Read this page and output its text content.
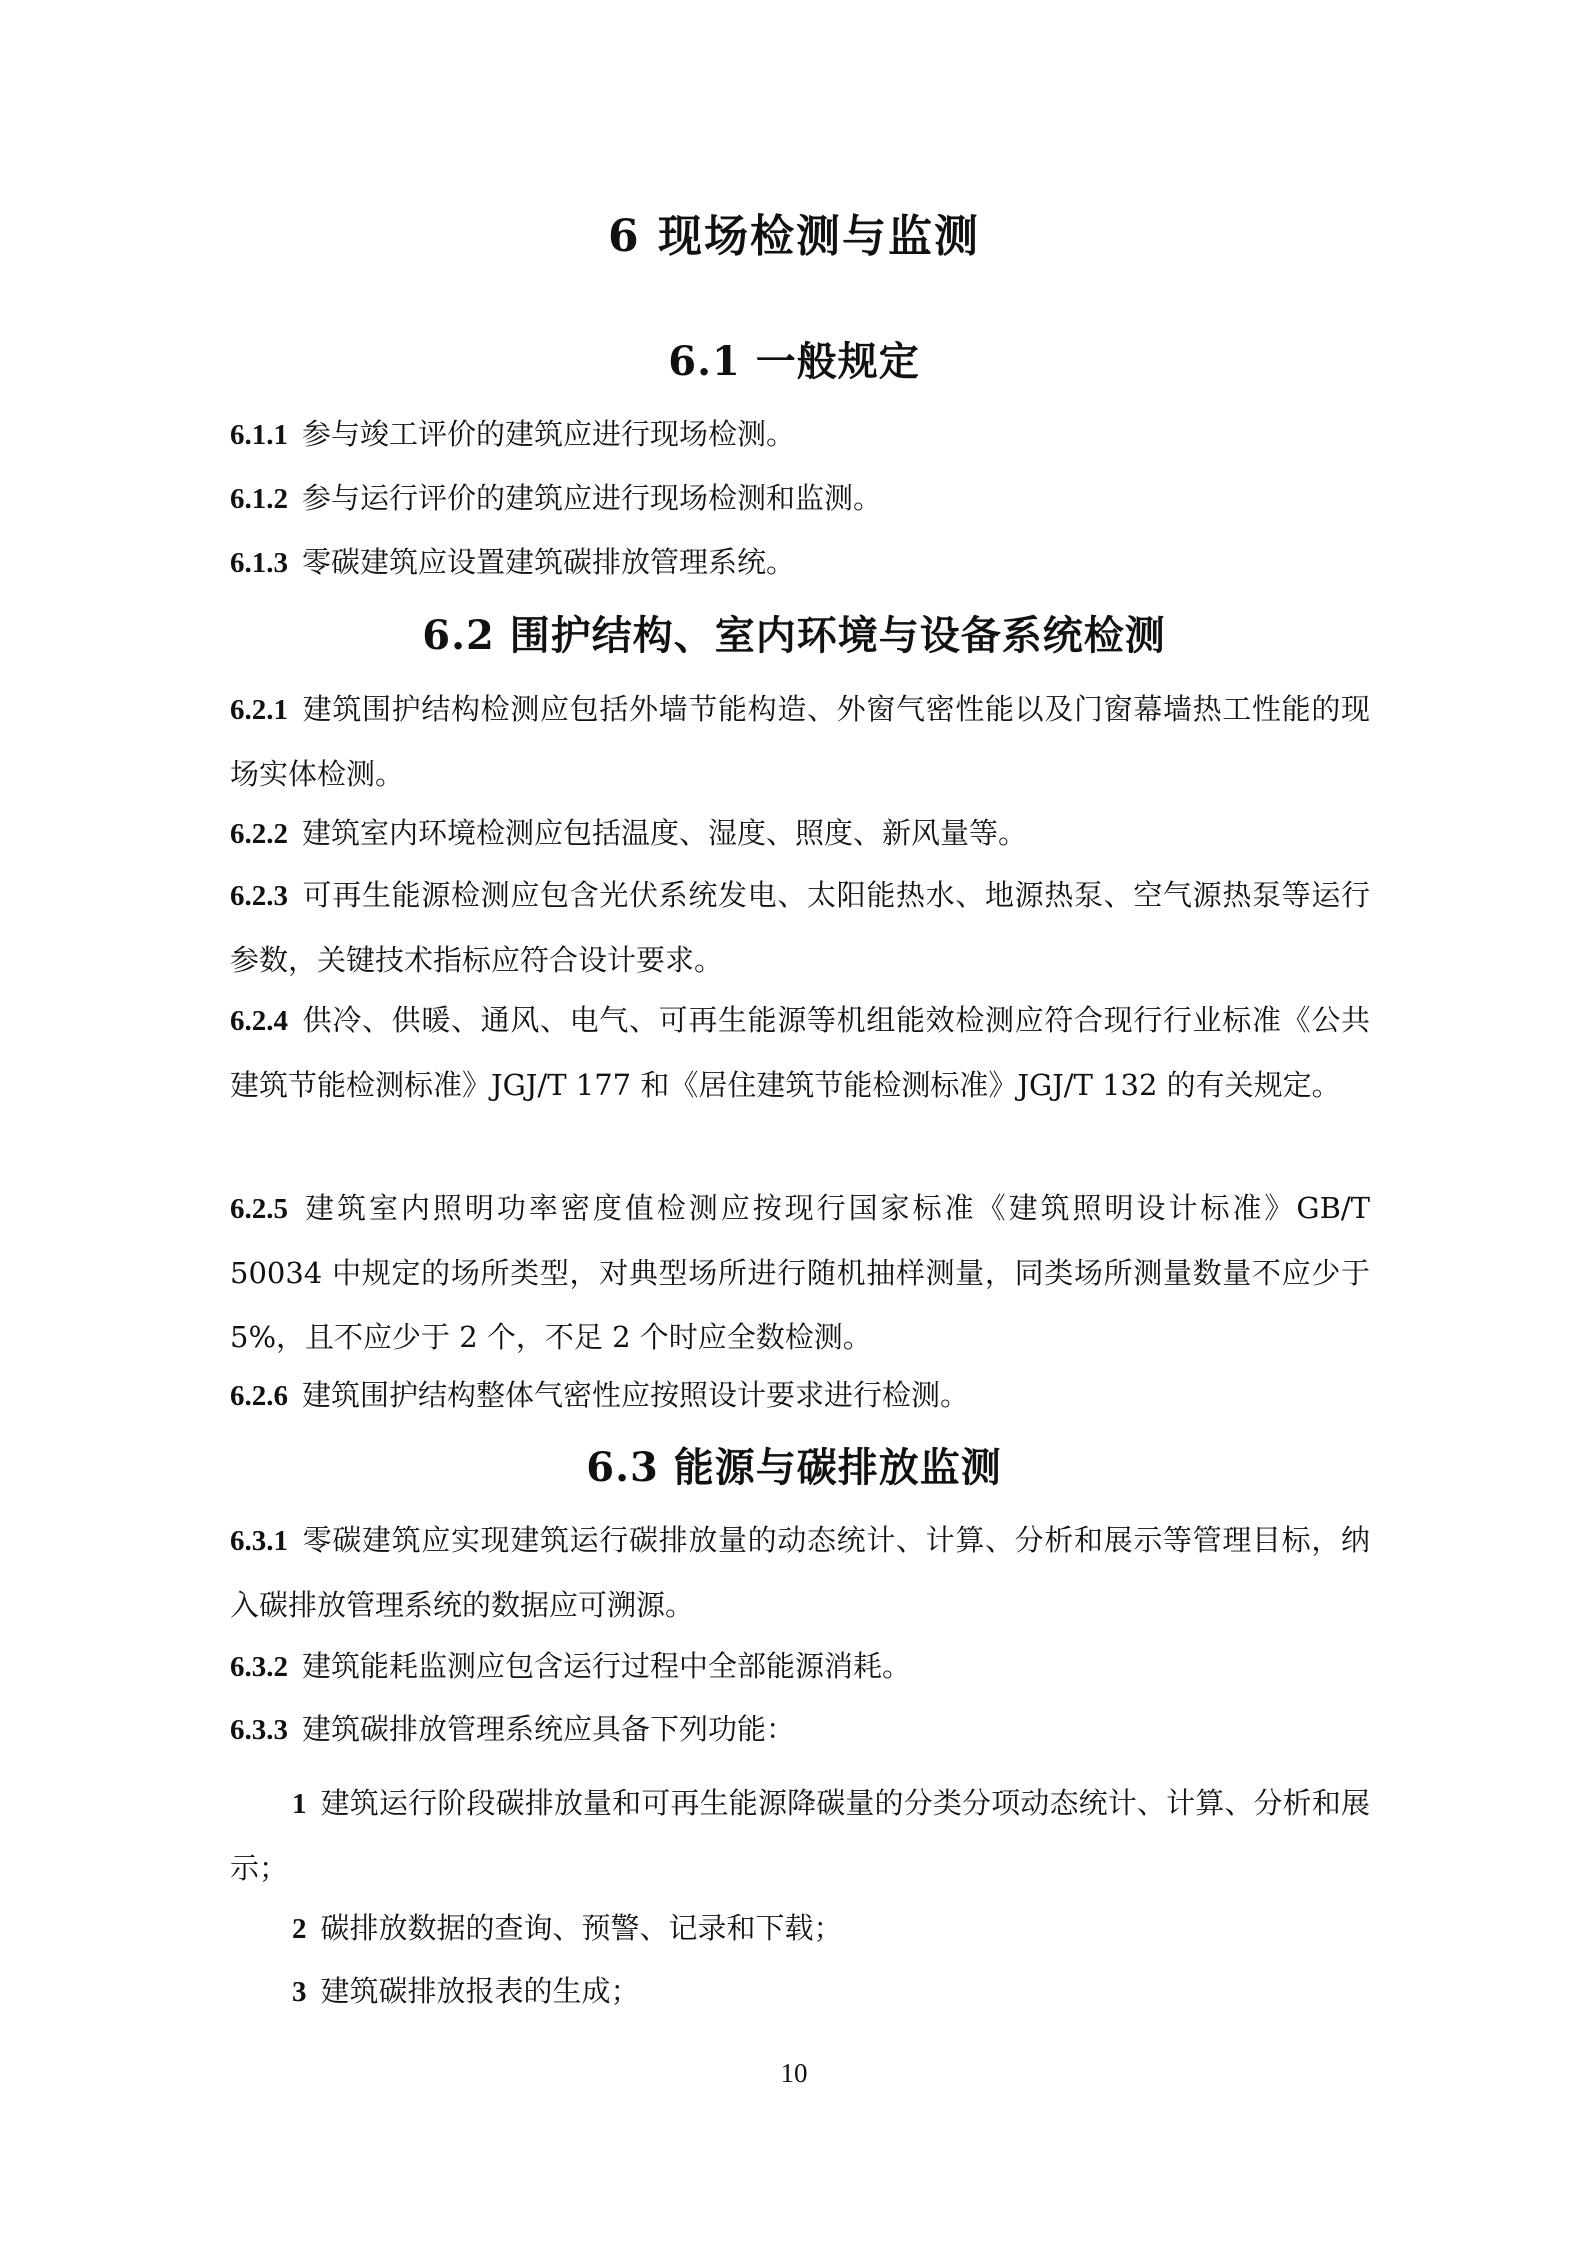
6 现场检测与监测
6.1 一般规定

6.1.1 参与竣工评价的建筑应进行现场检测。

6.1.2 参与运行评价的建筑应进行现场检测和监测。

6.1.3 零碳建筑应设置建筑碳排放管理系统。

6.2 围护结构、室内环境与设备系统检测

6.2.1 建筑围护结构检测应包括外墙节能构造、外窗气密性能以及门窗幕墙热工性能的现场实体检测。

6.2.2 建筑室内环境检测应包括温度、湿度、照度、新风量等。

6.2.3 可再生能源检测应包含光伏系统发电、太阳能热水、地源热泵、空气源热泵等运行参数，关键技术指标应符合设计要求。

6.2.4 供冷、供暖、通风、电气、可再生能源等机组能效检测应符合现行行业标准《公共建筑节能检测标准》JGJ/T 177 和《居住建筑节能检测标准》JGJ/T 132 的有关规定。

6.2.5 建筑室内照明功率密度值检测应按现行国家标准《建筑照明设计标准》GB/T 50034 中规定的场所类型，对典型场所进行随机抽样测量，同类场所测量数量不应少于 5%，且不应少于 2 个，不足 2 个时应全数检测。

6.2.6 建筑围护结构整体气密性应按照设计要求进行检测。

6.3 能源与碳排放监测

6.3.1 零碳建筑应实现建筑运行碳排放量的动态统计、计算、分析和展示等管理目标，纳入碳排放管理系统的数据应可溯源。

6.3.2 建筑能耗监测应包含运行过程中全部能源消耗。

6.3.3 建筑碳排放管理系统应具备下列功能：

1 建筑运行阶段碳排放量和可再生能源降碳量的分类分项动态统计、计算、分析和展示；

2 碳排放数据的查询、预警、记录和下载；

3 建筑碳排放报表的生成；

10
